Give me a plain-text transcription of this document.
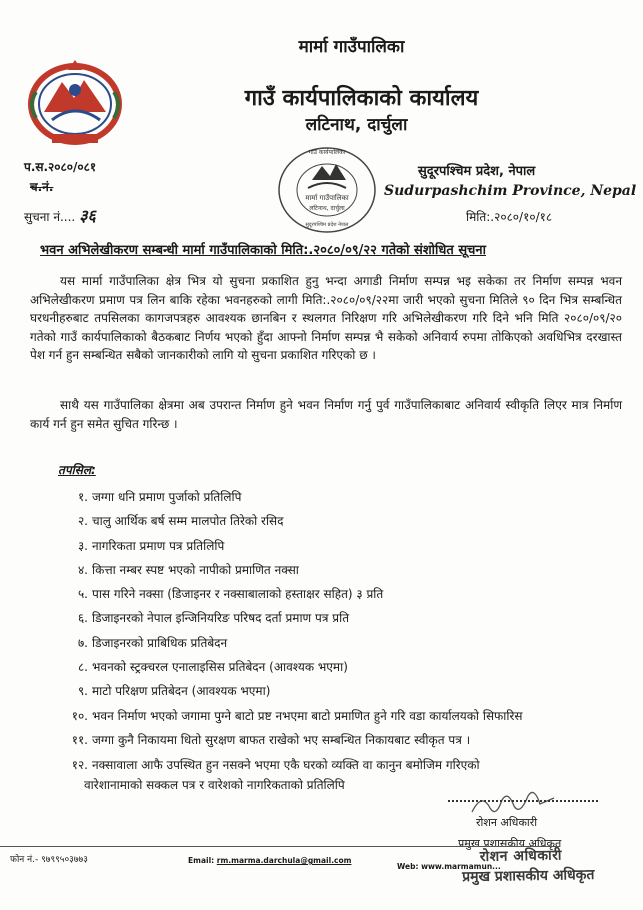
मार्मा गाउँपालिका
गाउँ कार्यपालिकाको कार्यालय
लटिनाथ, दार्चुला
प.स.२०८०/०८१
च.नं.
सुचना नं.... ३६
मार्मा गाउँपालिका
लटिनाथ, दार्चुला
सुदूरपश्चिम प्रदेश नेपाल
गाउँ कार्यपालिका
सुदूरपश्चिम प्रदेश, नेपाल
Sudurpashchim Province, Nepal
मिति:.२०८०/१०/१८
भवन अभिलेखीकरण सम्बन्धी मार्मा गाउँपालिकाको मिति:.२०८०/०९/२२ गतेको संशोधित सूचना

यस मार्मा गाउँपालिका क्षेत्र भित्र यो सुचना प्रकाशित हुनु भन्दा अगाडी निर्माण सम्पन्न भइ सकेका तर निर्माण सम्पन्न भवन अभिलेखीकरण प्रमाण पत्र लिन बाकि रहेका भवनहरुको लागी मिति:.२०८०/०९/२२मा जारी भएको सुचना मितिले ९० दिन भित्र सम्बन्धित घरधनीहरुबाट तपसिलका कागजपत्रहरु आवश्यक छानबिन र स्थलगत निरिक्षण गरि अभिलेखीकरण गरि दिने भनि मिति २०८०/०९/२० गतेको गाउँ कार्यपालिकाको बैठकबाट निर्णय भएको हुँदा आफ्नो निर्माण सम्पन्न भै सकेको अनिवार्य रुपमा तोकिएको अवधिभित्र दरखास्त पेश गर्न हुन सम्बन्धित सबैको जानकारीको लागि यो सुचना प्रकाशित गरिएको छ ।

साथै यस गाउँपालिका क्षेत्रमा अब उपरान्त निर्माण हुने भवन निर्माण गर्नु पुर्व गाउँपालिकाबाट अनिवार्य स्वीकृति लिएर मात्र निर्माण कार्य गर्न हुन समेत सुचित गरिन्छ ।

तपसिल:
१. जग्गा धनि प्रमाण पुर्जाको प्रतिलिपि
२. चालु आर्थिक बर्ष सम्म मालपोत तिरेको रसिद
३. नागरिकता प्रमाण पत्र प्रतिलिपि
४. कित्ता नम्बर स्पष्ट भएको नापीको प्रमाणित नक्सा
५. पास गरिने नक्सा (डिजाइनर र नक्साबालाको हस्ताक्षर सहित) ३ प्रति
६. डिजाइनरको नेपाल इन्जिनियरिङ परिषद दर्ता प्रमाण पत्र प्रति
७. डिजाइनरको प्राबिधिक प्रतिबेदन
८. भवनको स्ट्रक्चरल एनालाइसिस प्रतिबेदन (आवश्यक भएमा)
९. माटो परिक्षण प्रतिबेदन (आवश्यक भएमा)
१०. भवन निर्माण भएको जगामा पुग्ने बाटो प्रष्ट नभएमा बाटो प्रमाणित हुने गरि वडा कार्यालयको सिफारिस
११. जग्गा कुनै निकायमा धितो सुरक्षण बाफत राखेको भए सम्बन्धित निकायबाट स्वीकृत पत्र ।
१२. नक्सावाला आफै उपस्थित हुन नसक्ने भएमा एकै घरको व्यक्ति वा कानुन बमोजिम गरिएको
वारेशानामाको सक्कल पत्र र वारेशको नागरिकताको प्रतिलिपि
रोशन अधिकारी
प्रमुख प्रशासकीय अधिकृत
रोशन अधिकारी
प्रमुख प्रशासकीय अधिकृत
फोन नं.- ९७९९५०३७७३	Email: rm.marma.darchula@gmail.com
Web: www.marmamun...
